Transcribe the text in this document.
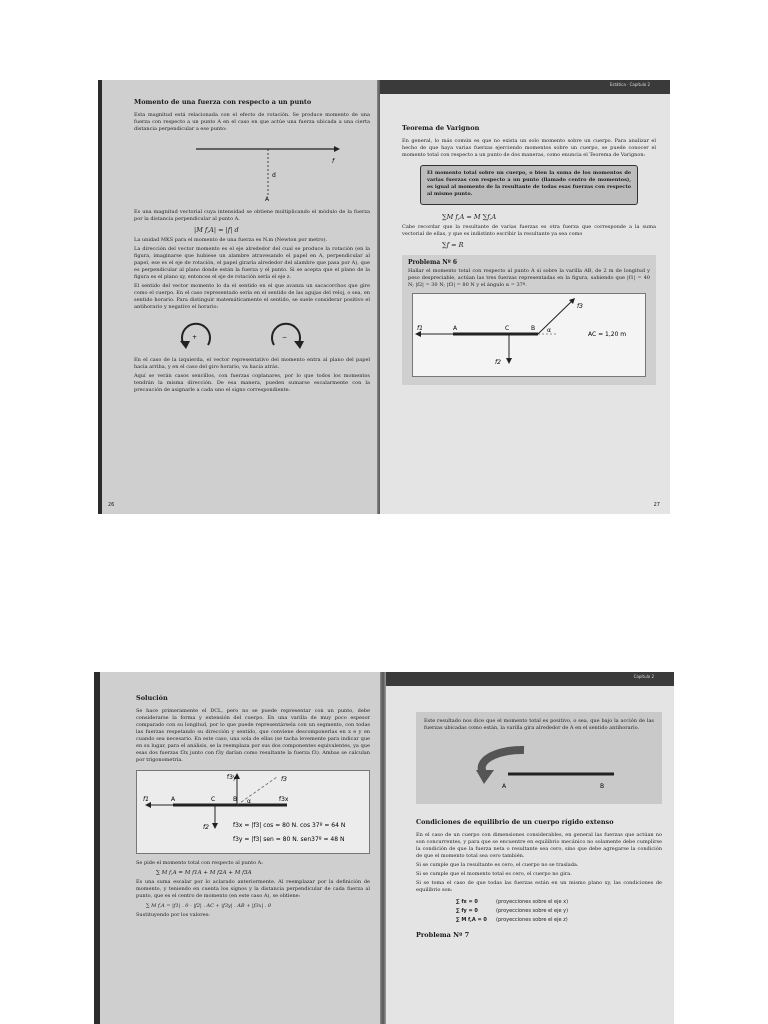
Momento de una fuerza con respecto a un punto

Esta magnitud está relacionada con el efecto de rotación. Se produce momento de una fuerza con respecto a un punto A en el caso en que actúe una fuerza ubicada a una cierta distancia perpendicular a ese punto:

f
d
A

Es una magnitud vectorial cuya intensidad se obtiene multiplicando el módulo de la fuerza por la distancia perpendicular al punto A.

|M f,A| = |f| d

La unidad MKS para el momento de una fuerza es N.m (Newton por metro).

La dirección del vector momento es el eje alrededor del cual se produce la rotación (en la figura, imaginarse que hubiese un alambre atravesando el papel en A, perpendicular al papel, ese es el eje de rotación, el papel giraría alrededor del alambre que pasa por A), que es perpendicular al plano donde están la fuerza y el punto. Si se acepta que el plano de la figura es el plano xy, entonces el eje de rotación sería el eje z.

El sentido del vector momento lo da el sentido en el que avanza un sacacorchos que gire como el cuerpo. En el caso representado sería en el sentido de las agujas del reloj, o sea, en sentido horario. Para distinguir matemáticamente el sentido, se suele considerar positivo el antihorario y negativo el horario:

+	−

En el caso de la izquierda, el vector representativo del momento entra al plano del papel hacia arriba, y en el caso del giro horario, va hacia atrás.

Aquí se verán casos sencillos, con fuerzas coplanares, por lo que todos los momentos tendrán la misma dirección. De esa manera, pueden sumarse escalarmente con la precaución de asignarle a cada uno el signo correspondiente.

26
Estática · Capítulo 2
Teorema de Varignon

En general, lo más común es que no exista un solo momento sobre un cuerpo. Para analizar el hecho de que haya varias fuerzas ejerciendo momentos sobre un cuerpo, se puede conocer el momento total con respecto a un punto de dos maneras, como enuncia el Teorema de Varignon:

El momento total sobre un cuerpo, o bien la suma de los momentos de varias fuerzas con respecto a un punto (llamado centro de momentos), es igual al momento de la resultante de todas esas fuerzas con respecto al mismo punto.

∑M f,A = M ∑f,A

Cabe recordar que la resultante de varias fuerzas es otra fuerza que corresponde a la suma vectorial de ellas, y que es indistinto escribir la resultante ya sea como

∑f = R
Problema Nº 6

Hallar el momento total con respecto al punto A si sobre la varilla AB, de 2 m de longitud y peso despreciable, actúan las tres fuerzas representadas en la figura, sabiendo que |f1| = 40 N; |f2| = 30 N; |f3| = 80 N y el ángulo α = 37º.

f1	A	C	B
f2
f3
α
AC = 1,20 m
27
Solución

Se hace primeramente el DCL, pero no se puede representar con un punto, debe considerarse la forma y extensión del cuerpo. En una varilla de muy poco espesor comparado con su longitud, por lo que puede representársela con un segmento, con todas las fuerzas respetando su dirección y sentido, que conviene descomponerlas en x e y en cuando sea necesario. En este caso, una sola de ellas (se tacha levemente para indicar que en su lugar, para el análisis, se la reemplaza por sus dos componentes equivalentes, ya que esas dos fuerzas f3x junto con f3y darían como resultante la fuerza f3). Ambas se calculan por trigonometría.

f1	A	C	B
f2
f3y	f3
f3x
α
f3x = |f3| cos = 80 N. cos 37º = 64 N
f3y = |f3| sen = 80 N. sen37º = 48 N

Se pide el momento total con respecto al punto A:

∑ M f,A = M f1A + M f2A + M f3A

Es una suma escalar por lo aclarado anteriormente. Al reemplazar por la definición de momento, y teniendo en cuenta los signos y la distancia perpendicular de cada fuerza al punto, que es el centro de momento (en este caso A), se obtiene:

∑ M f,A = |f1| . 0 - |f2| . AC + |f3y| . AB + |f3x| . 0

Sustituyendo por los valores:

Capítulo 2

Este resultado nos dice que el momento total es positivo, o sea, que bajo la acción de las fuerzas ubicadas como están, la varilla gira alrededor de A en el sentido antihorario.

A	B
Condiciones de equilibrio de un cuerpo rígido extenso

En el caso de un cuerpo con dimensiones considerables, en general las fuerzas que actúan no son concurrentes, y para que se encuentre en equilibrio mecánico no solamente debe cumplirse la condición de que la fuerza neta o resultante sea cero, sino que debe agregarse la condición de que el momento total sea cero también.

Si se cumple que la resultante es cero, el cuerpo no se traslada.

Si se cumple que el momento total es cero, el cuerpo no gira.

Si se toma el caso de que todas las fuerzas están en un mismo plano xy, las condiciones de equilibrio son:

∑ fx = 0	(proyecciones sobre el eje x)
∑ fy = 0	(proyecciones sobre el eje y)
∑ M f,A = 0 (proyecciones sobre el eje z)
Problema Nº 7
